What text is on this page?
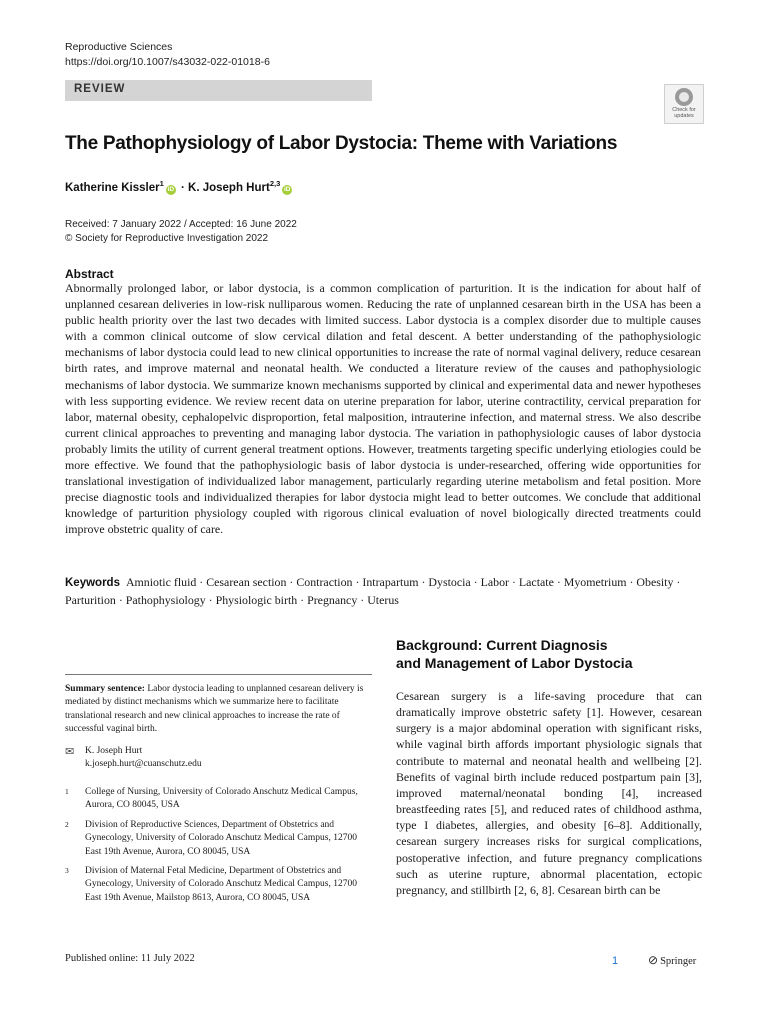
Reproductive Sciences
https://doi.org/10.1007/s43032-022-01018-6
REVIEW
Check for
updates
The Pathophysiology of Labor Dystocia: Theme with Variations
Katherine Kissler$^1$iD · K. Joseph Hurt$^{2,3}$iD
Received: 7 January 2022 / Accepted: 16 June 2022
© Society for Reproductive Investigation 2022
Abstract
Abnormally prolonged labor, or labor dystocia, is a common complication of parturition. It is the indication for about half of unplanned cesarean deliveries in low-risk nulliparous women. Reducing the rate of unplanned cesarean birth in the USA has been a public health priority over the last two decades with limited success. Labor dystocia is a complex disorder due to multiple causes with a common clinical outcome of slow cervical dilation and fetal descent. A better understanding of the pathophysiologic mechanisms of labor dystocia could lead to new clinical opportunities to increase the rate of normal vaginal delivery, reduce cesarean birth rates, and improve maternal and neonatal health. We conducted a literature review of the causes and pathophysiologic mechanisms of labor dystocia. We summarize known mechanisms supported by clinical and experimental data and newer hypotheses with less supporting evidence. We review recent data on uterine preparation for labor, uterine contractility, cervical preparation for labor, maternal obesity, cephalopelvic disproportion, fetal malposition, intrauterine infection, and maternal stress. We also describe current clinical approaches to preventing and managing labor dystocia. The variation in pathophysiologic causes of labor dystocia probably limits the utility of current general treatment options. However, treatments targeting specific underlying etiologies could be more effective. We found that the pathophysiologic basis of labor dystocia is under-researched, offering wide opportunities for translational investigation of individualized labor management, particularly regarding uterine metabolism and fetal position. More precise diagnostic tools and individualized therapies for labor dystocia might lead to better outcomes. We conclude that additional knowledge of parturition physiology coupled with rigorous clinical evaluation of novel biologically directed treatments could improve obstetric quality of care.
Keywords Amniotic fluid · Cesarean section · Contraction · Intrapartum · Dystocia · Labor · Lactate · Myometrium · Obesity · Parturition · Pathophysiology · Physiologic birth · Pregnancy · Uterus
Background: Current Diagnosis
and Management of Labor Dystocia
Cesarean surgery is a life-saving procedure that can dramatically improve obstetric safety [1]. However, cesarean surgery is a major abdominal operation with significant risks, while vaginal birth affords important physiologic signals that contribute to maternal and neonatal health and wellbeing [2]. Benefits of vaginal birth include reduced postpartum pain [3], improved maternal/neonatal bonding [4], increased breastfeeding rates [5], and reduced rates of childhood asthma, type I diabetes, allergies, and obesity [6–8]. Additionally, cesarean surgery increases risks for surgical complications, postoperative infection, and future pregnancy complications such as uterine rupture, abnormal placentation, ectopic pregnancy, and stillbirth [2, 6, 8]. Cesarean birth can be
Summary sentence: Labor dystocia leading to unplanned cesarean delivery is mediated by distinct mechanisms which we summarize here to facilitate translational research and new clinical approaches to increase the rate of successful vaginal birth.
✉ K. Joseph Hurt
k.joseph.hurt@cuanschutz.edu
1 College of Nursing, University of Colorado Anschutz Medical Campus, Aurora, CO 80045, USA
2 Division of Reproductive Sciences, Department of Obstetrics and Gynecology, University of Colorado Anschutz Medical Campus, 12700 East 19th Avenue, Aurora, CO 80045, USA
3 Division of Maternal Fetal Medicine, Department of Obstetrics and Gynecology, University of Colorado Anschutz Medical Campus, 12700 East 19th Avenue, Mailstop 8613, Aurora, CO 80045, USA
Published online: 11 July 2022	1 ⊘ Springer
